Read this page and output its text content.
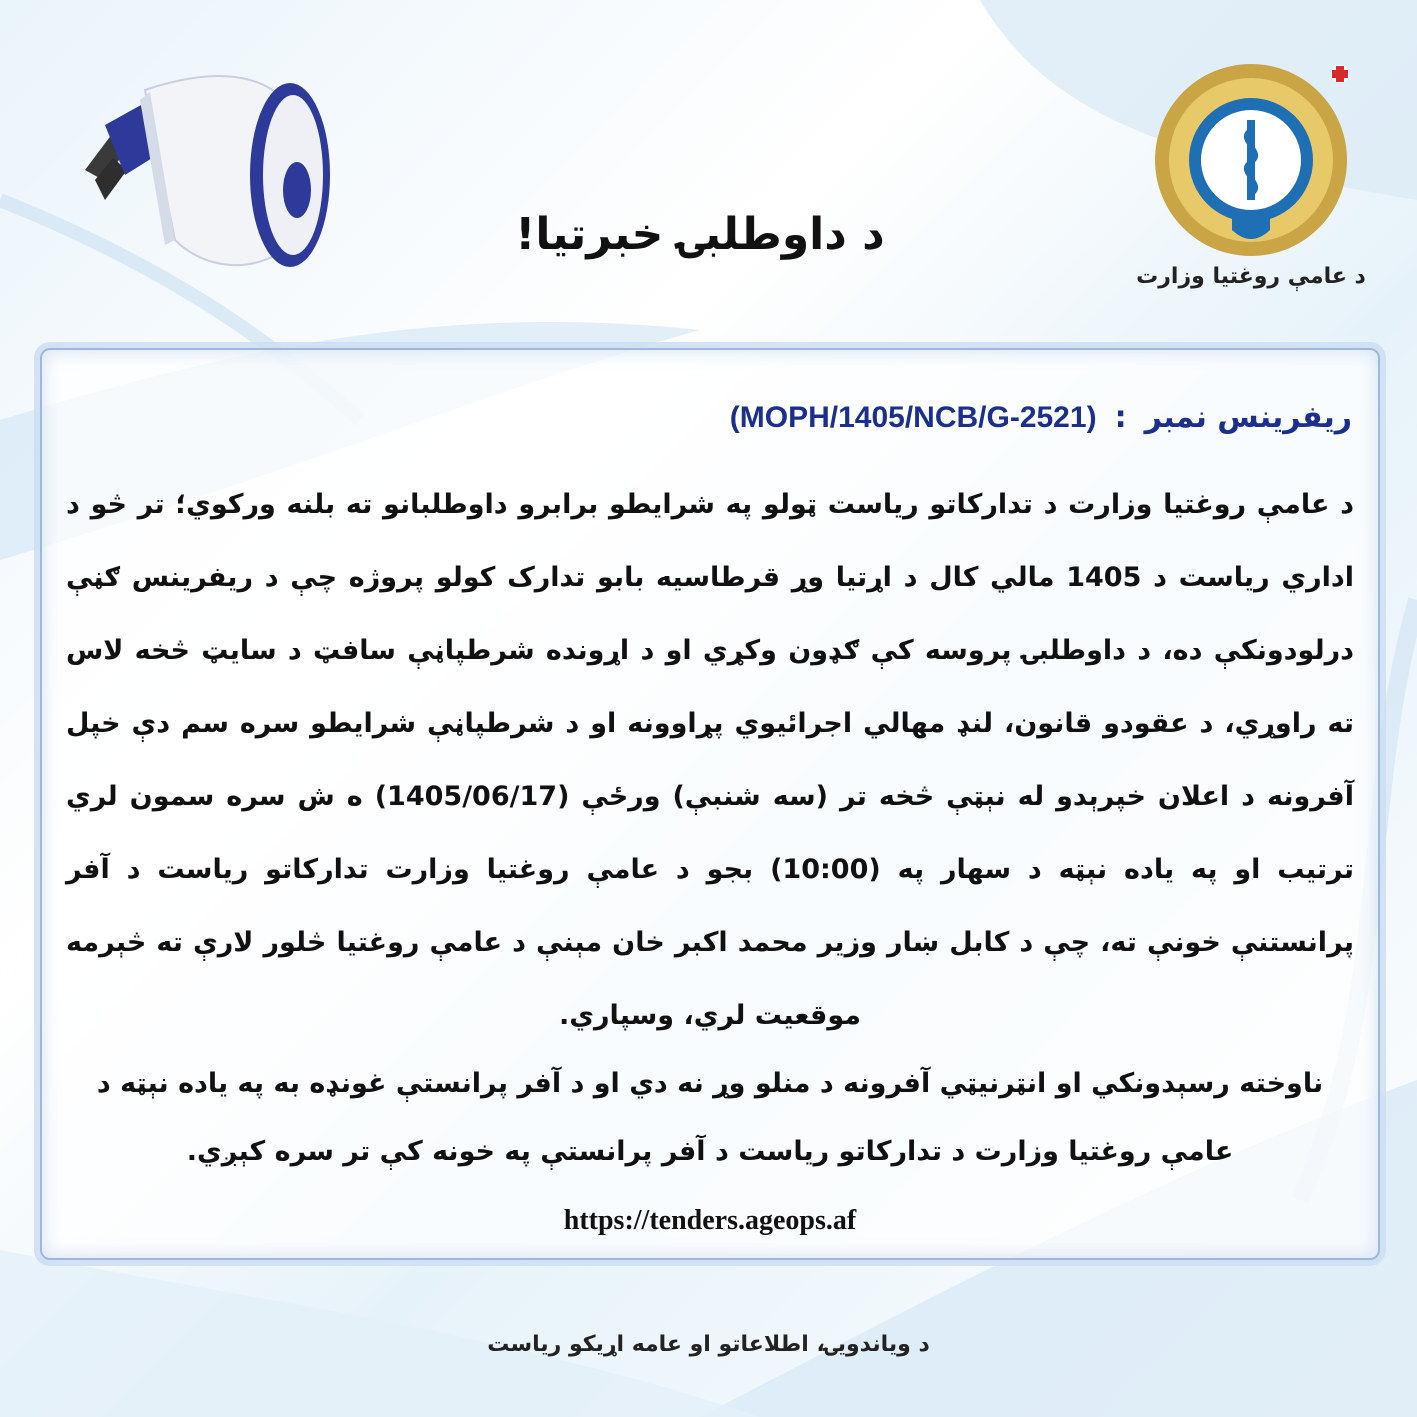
د داوطلبۍ خبرتیا!
د عامې روغتیا وزارت
ریفرینس نمبر:(MOPH/1405/NCB/G-2521)
د عامې روغتیا وزارت د تدارکاتو ریاست ټولو په شرایطو برابرو داوطلبانو ته بلنه ورکوي؛ تر څو د اداري ریاست د 1405 مالي کال د اړتیا وړ قرطاسیه بابو تدارک کولو پروژه چې د ریفرینس ګڼې درلودونکې ده، د داوطلبۍ پروسه کې ګډون وکړي او د اړونده شرطپاڼې سافټ د سایټ څخه لاس ته راوړي، د عقودو قانون، لنډ مهالي اجرائیوي پړاوونه او د شرطپاڼې شرایطو سره سم دې خپل آفرونه د اعلان خپرېدو له نېټې څخه تر (سه شنبې) ورځې (1405/06/17) ه ش سره سمون لري ترتیب او په یاده نېټه د سهار په (10:00) بجو د عامې روغتیا وزارت تدارکاتو ریاست د آفر پرانستنې خونې ته، چې د کابل ښار وزیر محمد اکبر خان مېنې د عامې روغتیا څلور لارې ته څېرمه موقعیت لري، وسپاري.
ناوخته رسېدونکي او انټرنيټي آفرونه د منلو وړ نه دي او د آفر پرانستې غونډه به په یاده نېټه د عامې روغتیا وزارت د تدارکاتو ریاست د آفر پرانستې په خونه کې تر سره کېږي.
https://tenders.ageops.af
د ویاندویۍ، اطلاعاتو او عامه اړیکو ریاست
